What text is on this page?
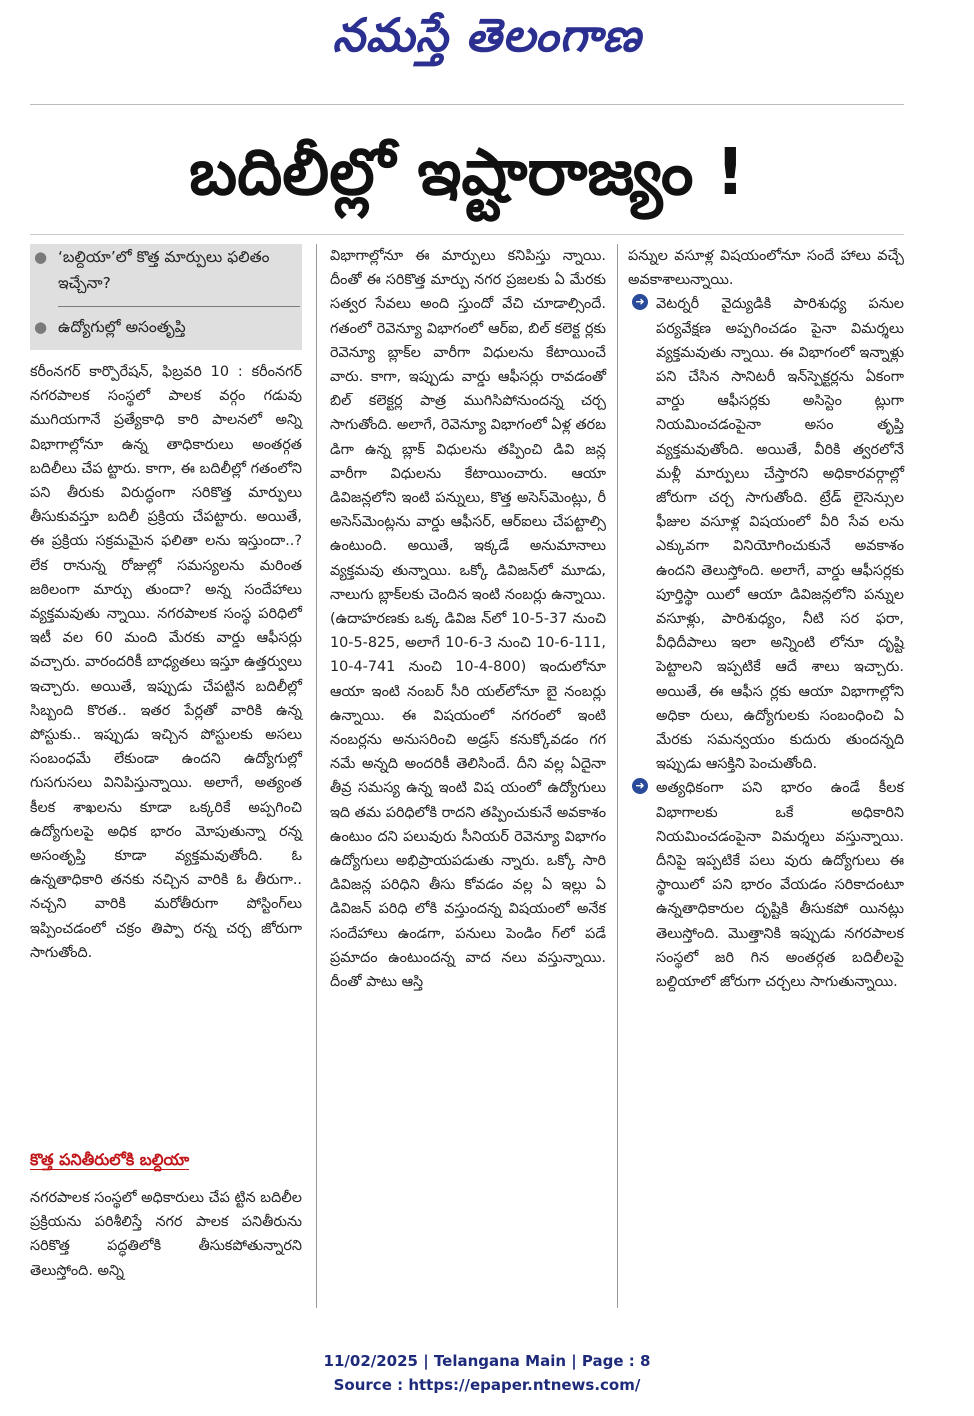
నమస్తే తెలంగాణ
బదిలీల్లో ఇష్టారాజ్యం !
● ‘బల్దియా’లో కొత్త మార్పులు ఫలితం ఇచ్చేనా?
● ఉద్యోగుల్లో అసంతృప్తి

కరీంనగర్ కార్పొరేషన్, ఫిబ్రవరి 10 : కరీంనగర్ నగరపాలక సంస్థలో పాలక వర్గం గడువు ముగియగానే ప్రత్యేకాధి కారి పాలనలో అన్ని విభాగాల్లోనూ ఉన్న తాధికారులు అంతర్గత బదిలీలు చేప ట్టారు. కాగా, ఈ బదిలీల్లో గతంలోని పని తీరుకు విరుద్ధంగా సరికొత్త మార్పులు తీసుకువస్తూ బదిలీ ప్రక్రియ చేపట్టారు. అయితే, ఈ ప్రక్రియ సక్రమమైన ఫలితా లను ఇస్తుందా..? లేక రానున్న రోజుల్లో సమస్యలను మరింత జఠిలంగా మార్చు తుందా? అన్న సందేహాలు వ్యక్తమవుతు న్నాయి. నగరపాలక సంస్థ పరిధిలో ఇటీ వల 60 మంది మేరకు వార్డు ఆఫీసర్లు వచ్చారు. వారందరికీ బాధ్యతలు ఇస్తూ ఉత్తర్వులు ఇచ్చారు. అయితే, ఇప్పుడు చేపట్టిన బదిలీల్లో సిబ్బంది కొరత.. ఇతర పేర్లతో వారికి ఉన్న పోస్టుకు.. ఇప్పుడు ఇచ్చిన పోస్టులకు అసలు సంబంధమే లేకుండా ఉందని ఉద్యోగుల్లో గుసగుసలు వినిపిస్తున్నాయి. అలాగే, అత్యంత కీలక శాఖలను కూడా ఒక్కరికే అప్పగించి ఉద్యోగులపై అధిక భారం మోపుతున్నా రన్న అసంతృప్తి కూడా వ్యక్తమవుతోంది. ఓ ఉన్నతాధికారి తనకు నచ్చిన వారికి ఓ తీరుగా.. నచ్చని వారికి మరోతీరుగా పోస్టింగ్‌లు ఇప్పించడంలో చక్రం తిప్పా రన్న చర్చ జోరుగా సాగుతోంది.

కొత్త పనితీరులోకి బల్దియా

నగరపాలక సంస్థలో అధికారులు చేప ట్టిన బదిలీల ప్రక్రియను పరిశీలిస్తే నగర పాలక పనితీరును సరికొత్త పద్ధతిలోకి తీసుకపోతున్నారని తెలుస్తోంది. అన్ని

విభాగాల్లోనూ ఈ మార్పులు కనిపిస్తు న్నాయి. దీంతో ఈ సరికొత్త మార్పు నగర ప్రజలకు ఏ మేరకు సత్వర సేవలు అంది స్తుందో వేచి చూడాల్సిందే. గతంలో రెవెన్యూ విభాగంలో ఆర్ఐ, బిల్ కలెక్ట ర్లకు రెవెన్యూ బ్లాక్‌ల వారీగా విధులను కేటాయించే వారు. కాగా, ఇప్పుడు వార్డు ఆఫీసర్లు రావడంతో బిల్ కలెక్టర్ల పాత్ర ముగిసిపోనుందన్న చర్చ సాగుతోంది. అలాగే, రెవెన్యూ విభాగంలో ఏళ్ల తరబ డిగా ఉన్న బ్లాక్ విధులను తప్పించి డివి జన్ల వారీగా విధులను కేటాయించారు. ఆయా డివిజన్లలోని ఇంటి పన్నులు, కొత్త అసెస్‌మెంట్లు, రీ అసెస్‌మెంట్లను వార్డు ఆఫీసర్, ఆర్ఐలు చేపట్టాల్సి ఉంటుంది. అయితే, ఇక్కడే అనుమానాలు వ్యక్తమవు తున్నాయి. ఒక్కో డివిజన్‌లో మూడు, నాలుగు బ్లాక్‌లకు చెందిన ఇంటి నంబర్లు ఉన్నాయి. (ఉదాహరణకు ఒక్క డివిజ న్‌లో 10-5-37 నుంచి 10-5-825, అలాగే 10-6-3 నుంచి 10-6-111, 10-4-741 నుంచి 10-4-800) ఇందులోనూ ఆయా ఇంటి నంబర్ సీరి యల్‌లోనూ బై నంబర్లు ఉన్నాయి. ఈ విషయంలో నగరంలో ఇంటి నంబర్లను అనుసరించి అడ్రస్ కనుక్కోవడం గగ నమే అన్నది అందరికీ తెలిసిందే. దీని వల్ల ఏదైనా తీవ్ర సమస్య ఉన్న ఇంటి విష యంలో ఉద్యోగులు ఇది తమ పరిధిలోకి రాదని తప్పించుకునే అవకాశం ఉంటుం దని పలువురు సీనియర్ రెవెన్యూ విభాగం ఉద్యోగులు అభిప్రాయపడుతు న్నారు. ఒక్కో సారి డివిజన్ల పరిధిని తీసు కోవడం వల్ల ఏ ఇల్లు ఏ డివిజన్ పరిధి లోకి వస్తుందన్న విషయంలో అనేక సందేహాలు ఉండగా, పనులు పెండిం గ్‌లో పడే ప్రమాదం ఉంటుందన్న వాద నలు వస్తున్నాయి. దీంతో పాటు ఆస్తి

పన్నుల వసూళ్ల విషయంలోనూ సందే హాలు వచ్చే అవకాశాలున్నాయి.

➜ వెటర్నరీ వైద్యుడికి పారిశుధ్య పనుల పర్యవేక్షణ అప్పగించడం పైనా విమర్శలు వ్యక్తమవుతు న్నాయి. ఈ విభాగంలో ఇన్నాళ్లు పని చేసిన సానిటరీ ఇన్‌స్పెక్టర్లను ఏకంగా వార్డు ఆఫీసర్లకు అసిస్టెం ట్లుగా నియమించడంపైనా అసం తృప్తి వ్యక్తమవుతోంది. అయితే, వీరికి త్వరలోనే మళ్లీ మార్పులు చేస్తారని అధికారవర్గాల్లో జోరుగా చర్చ సాగుతోంది. ట్రేడ్ లైసెన్సుల ఫీజుల వసూళ్ల విషయంలో వీరి సేవ లను ఎక్కువగా వినియోగించుకునే అవకాశం ఉందని తెలుస్తోంది. అలాగే, వార్డు ఆఫీసర్లకు పూర్తిస్థా యిలో ఆయా డివిజన్లలోని పన్నుల వసూళ్లు, పారిశుధ్యం, నీటి సర ఫరా, వీధిదీపాలు ఇలా అన్నింటి లోనూ దృష్టి పెట్టాలని ఇప్పటికే ఆదే శాలు ఇచ్చారు. అయితే, ఈ ఆఫీస ర్లకు ఆయా విభాగాల్లోని అధికా రులు, ఉద్యోగులకు సంబంధించి ఏ మేరకు సమన్వయం కుదురు తుందన్నది ఇప్పుడు ఆసక్తిని పెంచుతోంది.

➜ అత్యధికంగా పని భారం ఉండే కీలక విభాగాలకు ఒకే అధికారిని నియమించడంపైనా విమర్శలు వస్తున్నాయి. దీనిపై ఇప్పటికే పలు వురు ఉద్యోగులు ఈ స్థాయిలో పని భారం వేయడం సరికాదంటూ ఉన్నతాధికారుల దృష్టికి తీసుకపో యినట్లు తెలుస్తోంది. మొత్తానికి ఇప్పుడు నగరపాలక సంస్థలో జరి గిన అంతర్గత బదిలీలపై బల్దియాలో జోరుగా చర్చలు సాగుతున్నాయి.

11/02/2025 | Telangana Main | Page : 8
Source : https://epaper.ntnews.com/
